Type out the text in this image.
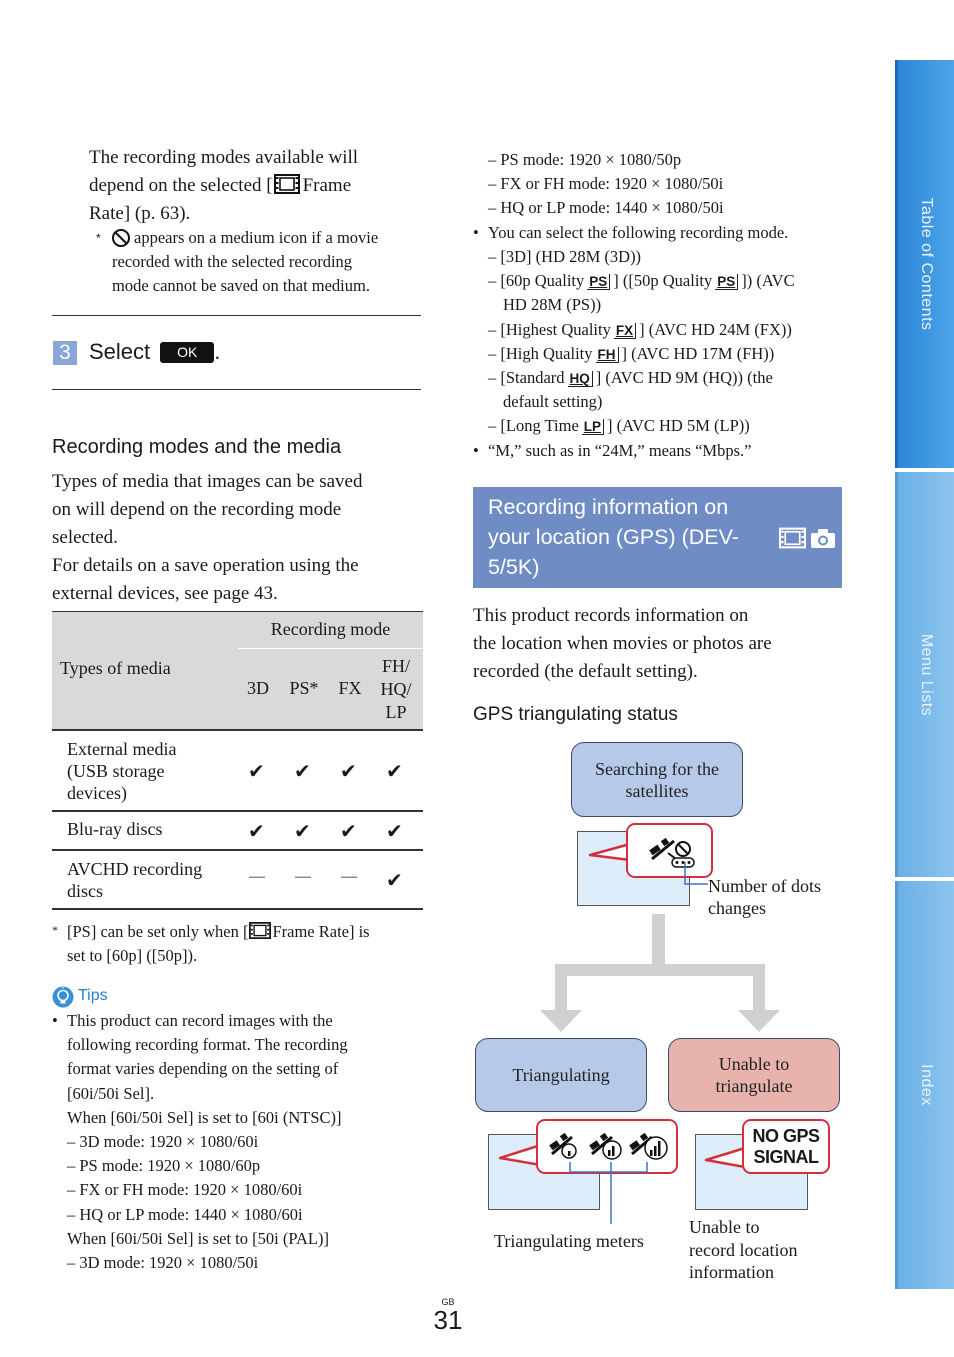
The recording modes available will

depend on the selected [ Frame

Rate] (p. 63).

*	appears on a medium icon if a movie

recorded with the selected recording

mode cannot be saved on that medium.

3 Select OK .
Recording modes and the media

Types of media that images can be saved

on will depend on the recording mode

selected.

For details on a save operation using the

external devices, see page 43.

Recording mode
Types of media
3D PS* FX
FH/
HQ/
LP
External media
(USB storage
devices)
✔ ✔ ✔ ✔
Blu-ray discs	✔ ✔ ✔ ✔
AVCHD recording
discs
— — — ✔
* [PS] can be set only when [ Frame Rate] is

set to [60p] ([50p]).

Tips
• This product can record images with the

following recording format. The recording

format varies depending on the setting of

[60i/50i Sel].

When [60i/50i Sel] is set to [60i (NTSC)]

– 3D mode: 1920 × 1080/60i

– PS mode: 1920 × 1080/60p

– FX or FH mode: 1920 × 1080/60i

– HQ or LP mode: 1440 × 1080/60i

When [60i/50i Sel] is set to [50i (PAL)]

– 3D mode: 1920 × 1080/50i

– PS mode: 1920 × 1080/50p

– FX or FH mode: 1920 × 1080/50i

– HQ or LP mode: 1440 × 1080/50i

• You can select the following recording mode.

– [3D] (HD 28M (3D))

– [60p Quality PS ] ([50p Quality PS ]) (AVC

HD 28M (PS))

– [Highest Quality FX ] (AVC HD 24M (FX))

– [High Quality FH ] (AVC HD 17M (FH))

– [Standard HQ ] (AVC HD 9M (HQ)) (the

default setting)

– [Long Time LP ] (AVC HD 5M (LP))

• “M,” such as in “24M,” means “Mbps.”

Recording information on

your location (GPS) (DEV-

5/5K)

This product records information on

the location when movies or photos are

recorded (the default setting).

GPS triangulating status
Searching for the
satellites
Number of dots
changes
Triangulating
Unable to
triangulate
Triangulating meters
NO GPS
SIGNAL
Unable to
record location
information
Table of Contents
Menu Lists
Index
GB
31
